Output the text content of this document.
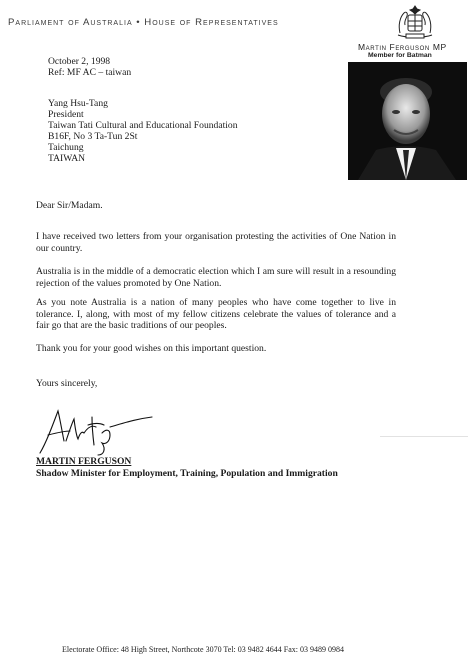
Parliament of Australia • House of Representatives
Martin Ferguson MP
Member for Batman
October 2, 1998
Ref: MF AC – taiwan
Yang Hsu-Tang
President
Taiwan Tati Cultural and Educational Foundation
B16F, No 3 Ta-Tun 2St
Taichung
TAIWAN
Dear Sir/Madam.
I have received two letters from your organisation protesting the activities of One Nation in our country.
Australia is in the middle of a democratic election which I am sure will result in a resounding rejection of the values promoted by One Nation.
As you note Australia is a nation of many peoples who have come together to live in tolerance. I, along, with most of my fellow citizens celebrate the values of tolerance and a fair go that are the basic traditions of our peoples.
Thank you for your good wishes on this important question.
Yours sincerely,
MARTIN FERGUSON
Shadow Minister for Employment, Training, Population and Immigration
Electorate Office: 48 High Street, Northcote 3070 Tel: 03 9482 4644 Fax: 03 9489 0984
